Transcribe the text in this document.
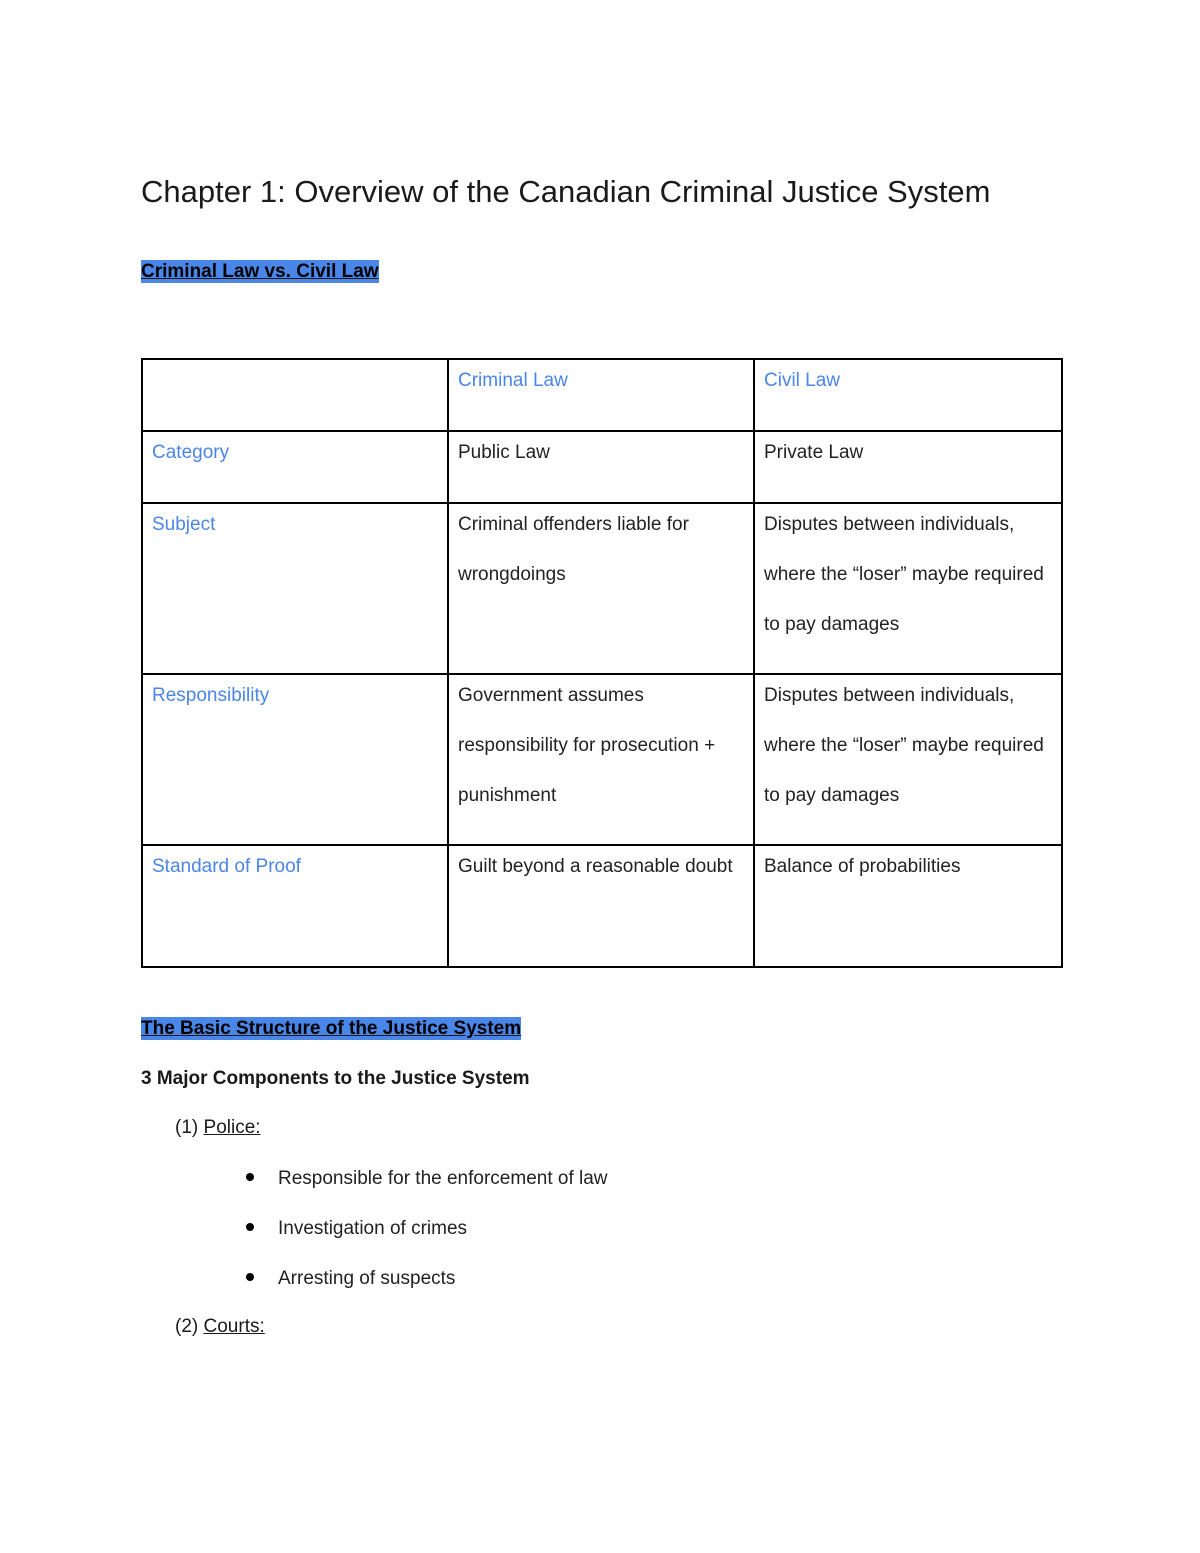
Chapter 1: Overview of the Canadian Criminal Justice System
Criminal Law vs. Civil Law

	Criminal Law	Civil Law

Category	Public Law	Private Law

Subject	Criminal offenders liable for wrongdoings	Disputes between individuals, where the “loser” maybe required to pay damages

Responsibility	Government assumes responsibility for prosecution + punishment	Disputes between individuals, where the “loser” maybe required to pay damages

Standard of Proof	Guilt beyond a reasonable doubt	Balance of probabilities
The Basic Structure of the Justice System
3 Major Components to the Justice System
(1) Police:
Responsible for the enforcement of law
Investigation of crimes
Arresting of suspects
(2) Courts:
